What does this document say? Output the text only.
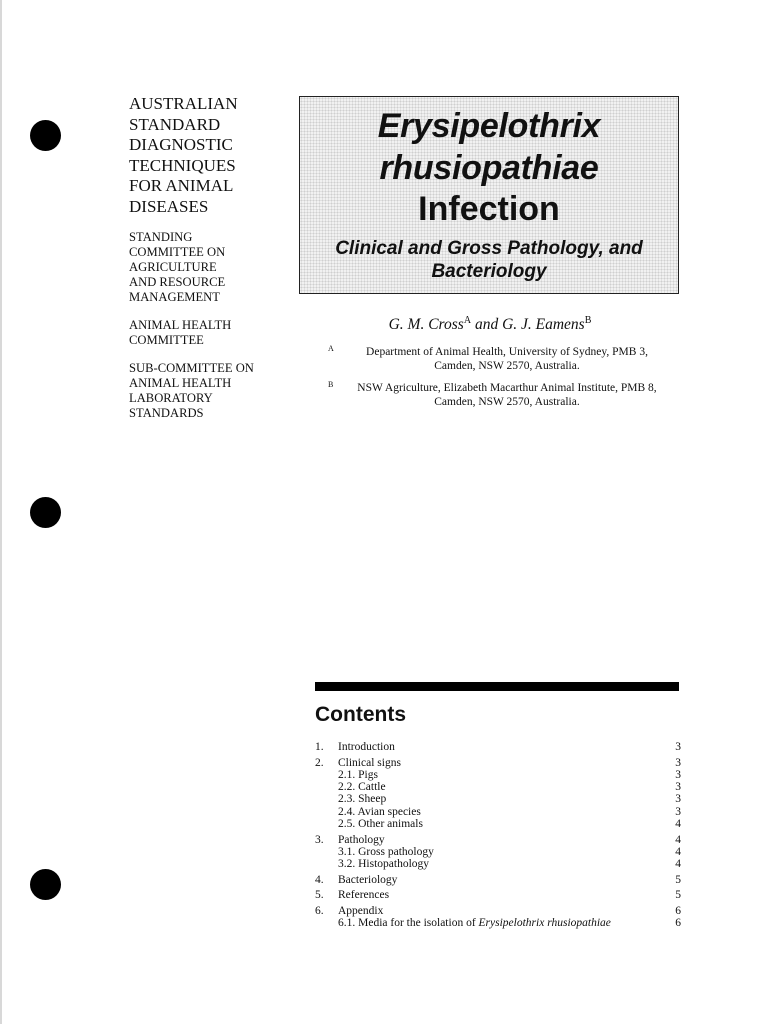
AUSTRALIAN
STANDARD
DIAGNOSTIC
TECHNIQUES
FOR ANIMAL
DISEASES
STANDING
COMMITTEE ON
AGRICULTURE
AND RESOURCE
MANAGEMENT
ANIMAL HEALTH
COMMITTEE
SUB-COMMITTEE ON
ANIMAL HEALTH
LABORATORY
STANDARDS
Erysipelothrix
rhusiopathiae
Infection
Clinical and Gross Pathology, and Bacteriology
G. M. Cross$^A$ and G. J. Eamens$^B$
A	Department of Animal Health, University of Sydney, PMB 3,
Camden, NSW 2570, Australia.
B	NSW Agriculture, Elizabeth Macarthur Animal Institute, PMB 8,
Camden, NSW 2570, Australia.
Contents
1. Introduction	3
2. Clinical signs	3
2.1. Pigs	3
2.2. Cattle	3
2.3. Sheep	3
2.4. Avian species	3
2.5. Other animals	4
3. Pathology	4
3.1. Gross pathology	4
3.2. Histopathology	4
4. Bacteriology	5
5. References	5
6. Appendix	6
6.1. Media for the isolation of Erysipelothrix rhusiopathiae	6
